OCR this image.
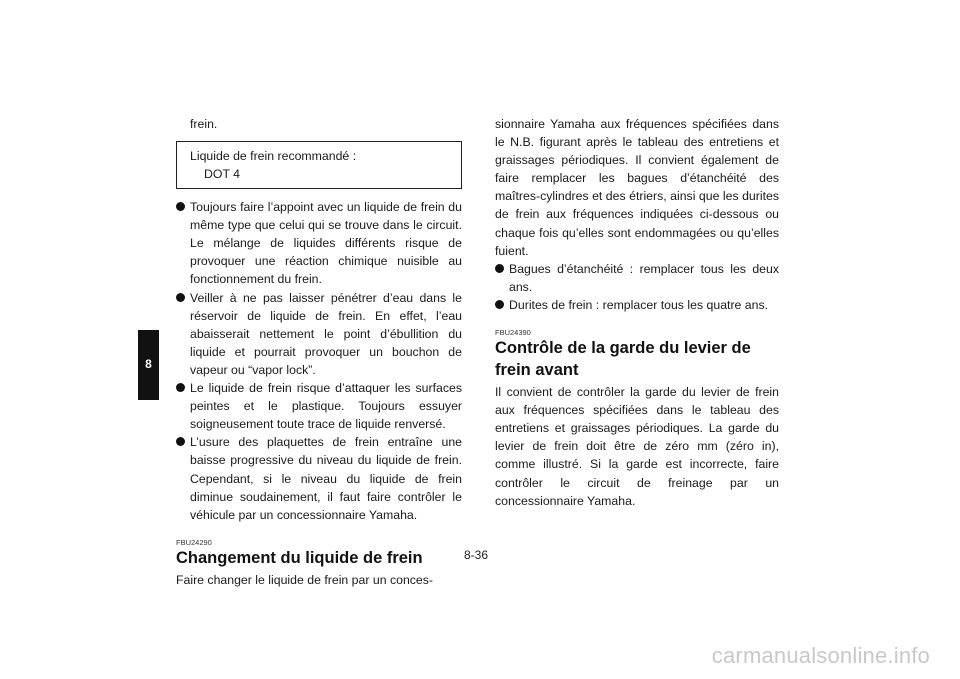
8

frein.

Liquide de frein recommandé :
DOT 4

Toujours faire l’appoint avec un liquide de frein du même type que celui qui se trouve dans le circuit. Le mélange de liquides différents risque de provoquer une réaction chimique nuisible au fonctionnement du frein.

Veiller à ne pas laisser pénétrer d’eau dans le réservoir de liquide de frein. En effet, l’eau abaisserait nettement le point d’ébullition du liquide et pourrait provoquer un bouchon de vapeur ou “vapor lock”.

Le liquide de frein risque d’attaquer les surfaces peintes et le plastique. Toujours essuyer soigneusement toute trace de liquide renversé.

L’usure des plaquettes de frein entraîne une baisse progressive du niveau du liquide de frein. Cependant, si le niveau du liquide de frein diminue soudainement, il faut faire contrôler le véhicule par un concessionnaire Yamaha.

FBU24290

Changement du liquide de frein

Faire changer le liquide de frein par un conces-

sionnaire Yamaha aux fréquences spécifiées dans le N.B. figurant après le tableau des entretiens et graissages périodiques. Il convient également de faire remplacer les bagues d’étanchéité des maîtres-cylindres et des étriers, ainsi que les durites de frein aux fréquences indiquées ci-dessous ou chaque fois qu’elles sont endommagées ou qu’elles fuient.

Bagues d’étanchéité : remplacer tous les deux ans.

Durites de frein : remplacer tous les quatre ans.

FBU24390

Contrôle de la garde du levier de frein avant

Il convient de contrôler la garde du levier de frein aux fréquences spécifiées dans le tableau des entretiens et graissages périodiques. La garde du levier de frein doit être de zéro mm (zéro in), comme illustré. Si la garde est incorrecte, faire contrôler le circuit de freinage par un concessionnaire Yamaha.

8-36
carmanualsonline.info
